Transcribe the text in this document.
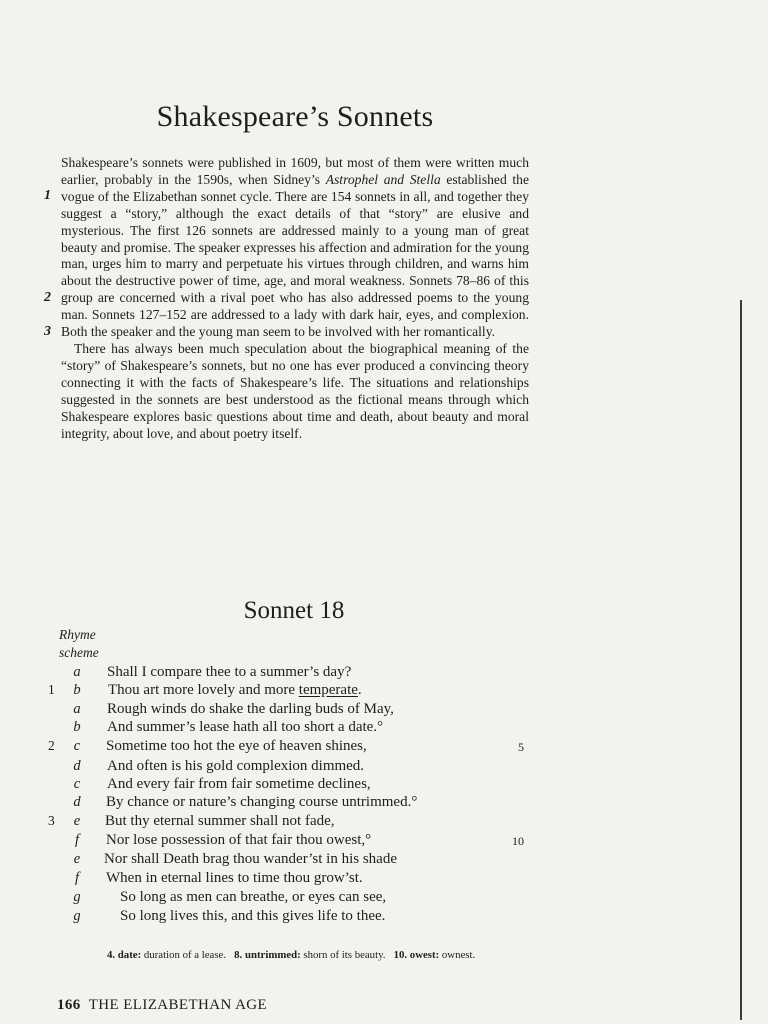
Shakespeare’s Sonnets

Shakespeare’s sonnets were published in 1609, but most of them were written much earlier, probably in the 1590s, when Sidney’s Astrophel and Stella established the vogue of the Elizabethan sonnet cycle. There are 154 sonnets in all, and together they suggest a “story,” although the exact details of that “story” are elusive and mysterious. The first 126 sonnets are addressed mainly to a young man of great beauty and promise. The speaker expresses his affection and admiration for the young man, urges him to marry and perpetuate his virtues through children, and warns him about the destructive power of time, age, and moral weakness. Sonnets 78–86 of this group are concerned with a rival poet who has also addressed poems to the young man. Sonnets 127–152 are addressed to a lady with dark hair, eyes, and complexion. Both the speaker and the young man seem to be involved with her romantically.

There has always been much speculation about the biographical meaning of the “story” of Shakespeare’s sonnets, but no one has ever produced a convincing theory connecting it with the facts of Shakespeare’s life. The situations and relationships suggested in the sonnets are best understood as the fictional means through which Shakespeare explores basic questions about time and death, about beauty and moral integrity, about love, and about poetry itself.

1
2
3
Sonnet 18
Rhyme
scheme
a Shall I compare thee to a summer’s day?
1	b Thou art more lovely and more temperate.
a Rough winds do shake the darling buds of May,
b And summer’s lease hath all too short a date.°
2	c Sometime too hot the eye of heaven shines,	5
d And often is his gold complexion dimmed.
c And every fair from fair sometime declines,
d By chance or nature’s changing course untrimmed.°
3	e But thy eternal summer shall not fade,
f	Nor lose possession of that fair thou owest,°	10
e Nor shall Death brag thou wander’st in his shade
f	When in eternal lines to time thou grow’st.
g	So long as men can breathe, or eyes can see,
g	So long lives this, and this gives life to thee.
4. date: duration of a lease. 8. untrimmed: shorn of its beauty. 10. owest: ownest.
166 THE ELIZABETHAN AGE
